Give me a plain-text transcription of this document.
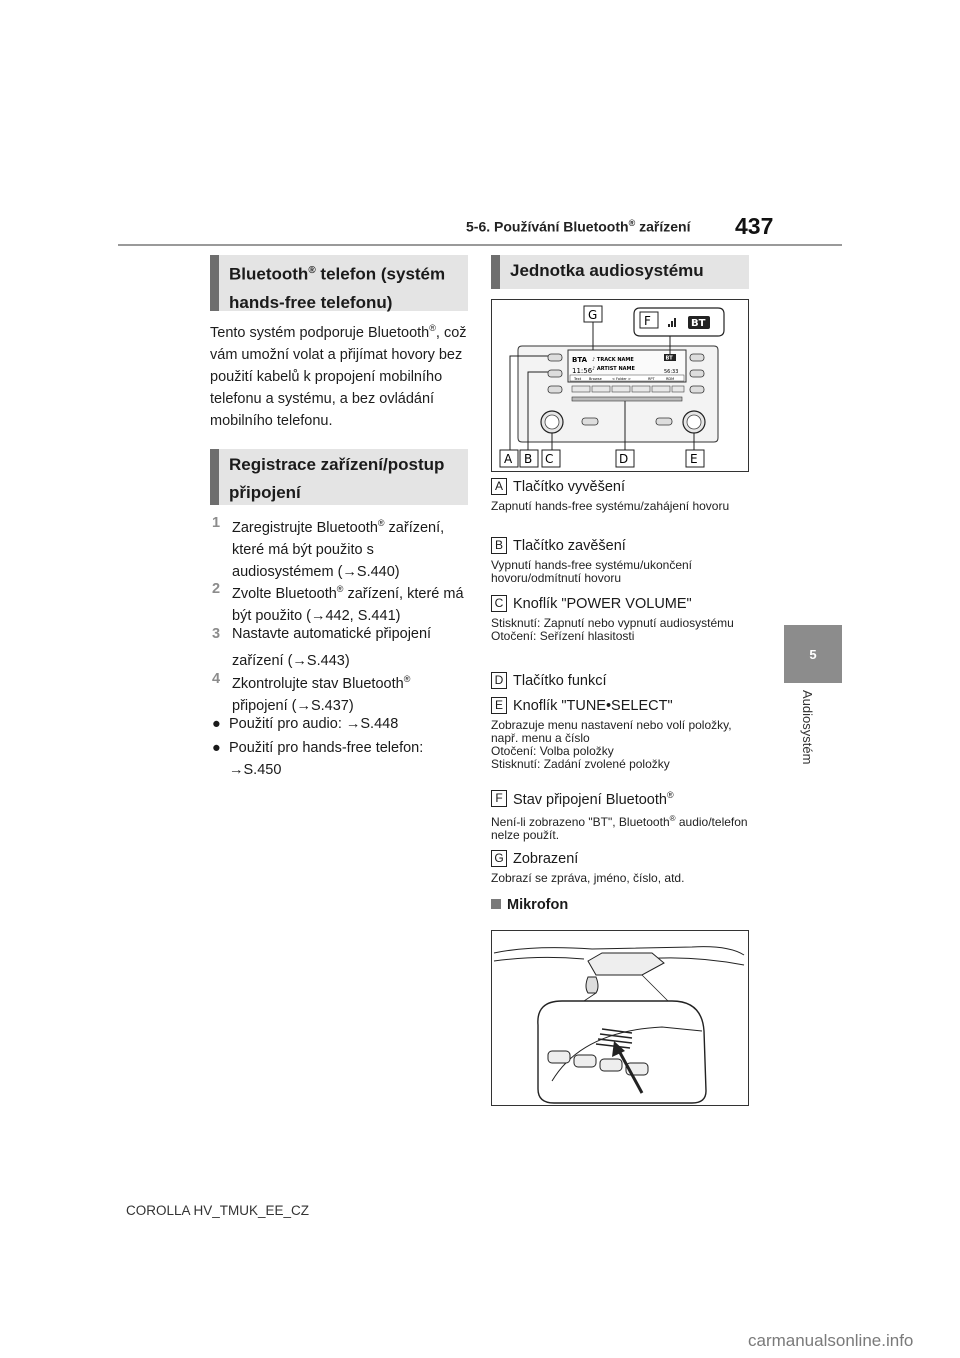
5-6. Používání Bluetooth® zařízení 437
5
Audiosystém
Bluetooth® telefon (systém hands-free telefonu)
Tento systém podporuje Bluetooth®, což vám umožní volat a přijímat hovory bez použití kabelů k propojení mobilního telefonu a systému, a bez ovládání mobilního telefonu.
Registrace zařízení/postup připojení
1 Zaregistrujte Bluetooth® zařízení, které má být použito s audiosystémem (→S.440)
2 Zvolte Bluetooth® zařízení, které má být použito (→442, S.441)
3 Nastavte automatické připojení zařízení (→S.443)
4 Zkontrolujte stav Bluetooth® připojení (→S.437)
● Použití pro audio: →S.448
● Použití pro hands-free telefon: →S.450
Jednotka audiosystému
BTA ♪ TRACK NAME
11:56 ♪ ARTIST NAME	56:33
BT
Text Browse	< Folder >	RPT	RDM
G	F	BT
A B C	D	E
A Tlačítko vyvěšení
Zapnutí hands-free systému/zahájení hovoru
B Tlačítko zavěšení
Vypnutí hands-free systému/ukončení hovoru/odmítnutí hovoru
C Knoflík "POWER VOLUME"
Stisknutí: Zapnutí nebo vypnutí audiosystému
Otočení: Seřízení hlasitosti
D Tlačítko funkcí
E Knoflík "TUNE•SELECT"
Zobrazuje menu nastavení nebo volí položky, např. menu a číslo
Otočení: Volba položky
Stisknutí: Zadání zvolené položky
F Stav připojení Bluetooth®
Není-li zobrazeno "BT", Bluetooth® audio/telefon nelze použít.
G Zobrazení
Zobrazí se zpráva, jméno, číslo, atd.
Mikrofon
COROLLA HV_TMUK_EE_CZ
carmanualsonline.info
